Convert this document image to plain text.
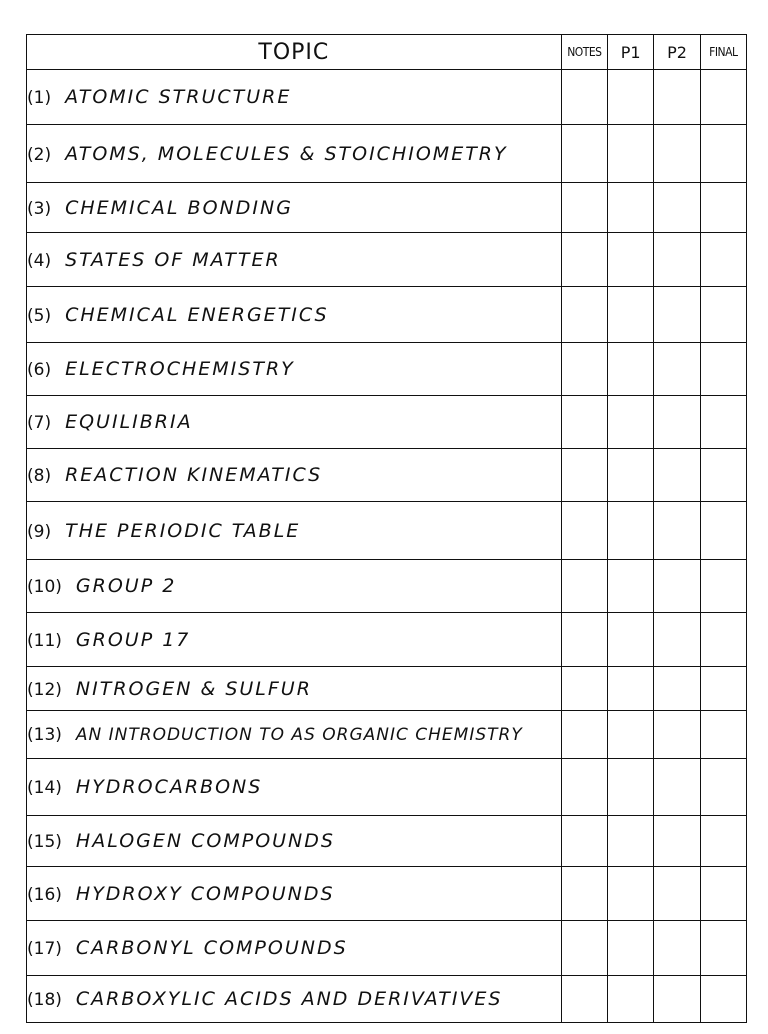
TOPIC	NOTES	P1	P2	FINAL
(1) ATOMIC STRUCTURE				
(2) ATOMS, MOLECULES & STOICHIOMETRY				
(3) CHEMICAL BONDING				
(4) STATES OF MATTER				
(5) CHEMICAL ENERGETICS				
(6) ELECTROCHEMISTRY				
(7) EQUILIBRIA				
(8) REACTION KINEMATICS				
(9) THE PERIODIC TABLE				
(10) GROUP 2				
(11) GROUP 17				
(12) NITROGEN & SULFUR				
(13) AN INTRODUCTION TO AS ORGANIC CHEMISTRY				
(14) HYDROCARBONS				
(15) HALOGEN COMPOUNDS				
(16) HYDROXY COMPOUNDS				
(17) CARBONYL COMPOUNDS				
(18) CARBOXYLIC ACIDS AND DERIVATIVES				
